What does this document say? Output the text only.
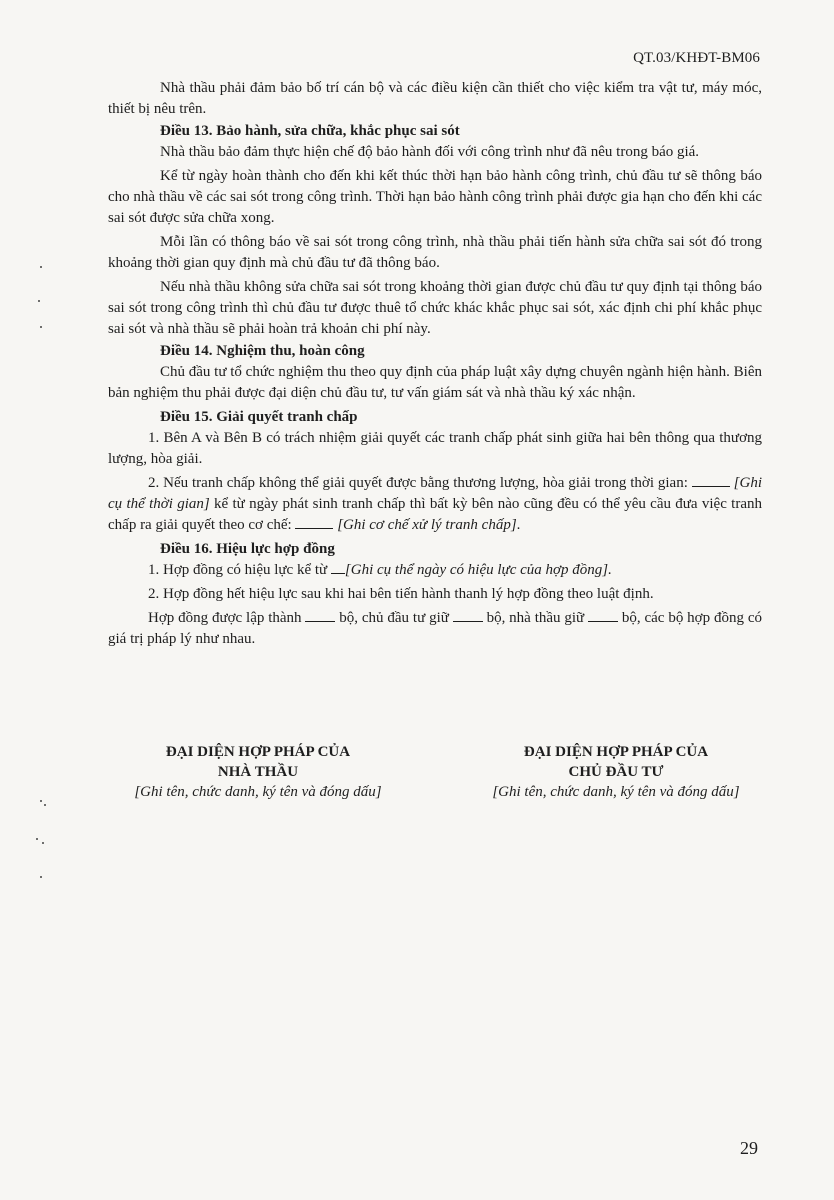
QT.03/KHĐT-BM06

Nhà thầu phải đảm bảo bố trí cán bộ và các điều kiện cần thiết cho việc kiểm tra vật tư, máy móc, thiết bị nêu trên.

Điều 13. Bảo hành, sửa chữa, khắc phục sai sót

Nhà thầu bảo đảm thực hiện chế độ bảo hành đối với công trình như đã nêu trong báo giá.

Kể từ ngày hoàn thành cho đến khi kết thúc thời hạn bảo hành công trình, chủ đầu tư sẽ thông báo cho nhà thầu về các sai sót trong công trình. Thời hạn bảo hành công trình phải được gia hạn cho đến khi các sai sót được sửa chữa xong.

Mỗi lần có thông báo về sai sót trong công trình, nhà thầu phải tiến hành sửa chữa sai sót đó trong khoảng thời gian quy định mà chủ đầu tư đã thông báo.

Nếu nhà thầu không sửa chữa sai sót trong khoảng thời gian được chủ đầu tư quy định tại thông báo sai sót trong công trình thì chủ đầu tư được thuê tổ chức khác khắc phục sai sót, xác định chi phí khắc phục sai sót và nhà thầu sẽ phải hoàn trả khoản chi phí này.

Điều 14. Nghiệm thu, hoàn công

Chủ đầu tư tổ chức nghiệm thu theo quy định của pháp luật xây dựng chuyên ngành hiện hành. Biên bản nghiệm thu phải được đại diện chủ đầu tư, tư vấn giám sát và nhà thầu ký xác nhận.

Điều 15. Giải quyết tranh chấp

1. Bên A và Bên B có trách nhiệm giải quyết các tranh chấp phát sinh giữa hai bên thông qua thương lượng, hòa giải.

2. Nếu tranh chấp không thể giải quyết được bằng thương lượng, hòa giải trong thời gian:	[Ghi cụ thể thời gian] kể từ ngày phát sinh tranh chấp thì bất kỳ bên nào cũng đều có thể yêu cầu đưa việc tranh chấp ra giải quyết theo cơ chế:	[Ghi cơ chế xử lý tranh chấp].

Điều 16. Hiệu lực hợp đồng

1. Hợp đồng có hiệu lực kể từ [Ghi cụ thể ngày có hiệu lực của hợp đồng].

2. Hợp đồng hết hiệu lực sau khi hai bên tiến hành thanh lý hợp đồng theo luật định.

Hợp đồng được lập thành  bộ, chủ đầu tư giữ  bộ, nhà thầu giữ  bộ, các bộ hợp đồng có giá trị pháp lý như nhau.

ĐẠI DIỆN HỢP PHÁP CỦA
NHÀ THẦU
[Ghi tên, chức danh, ký tên và đóng dấu]
ĐẠI DIỆN HỢP PHÁP CỦA
CHỦ ĐẦU TƯ
[Ghi tên, chức danh, ký tên và đóng dấu]
29
